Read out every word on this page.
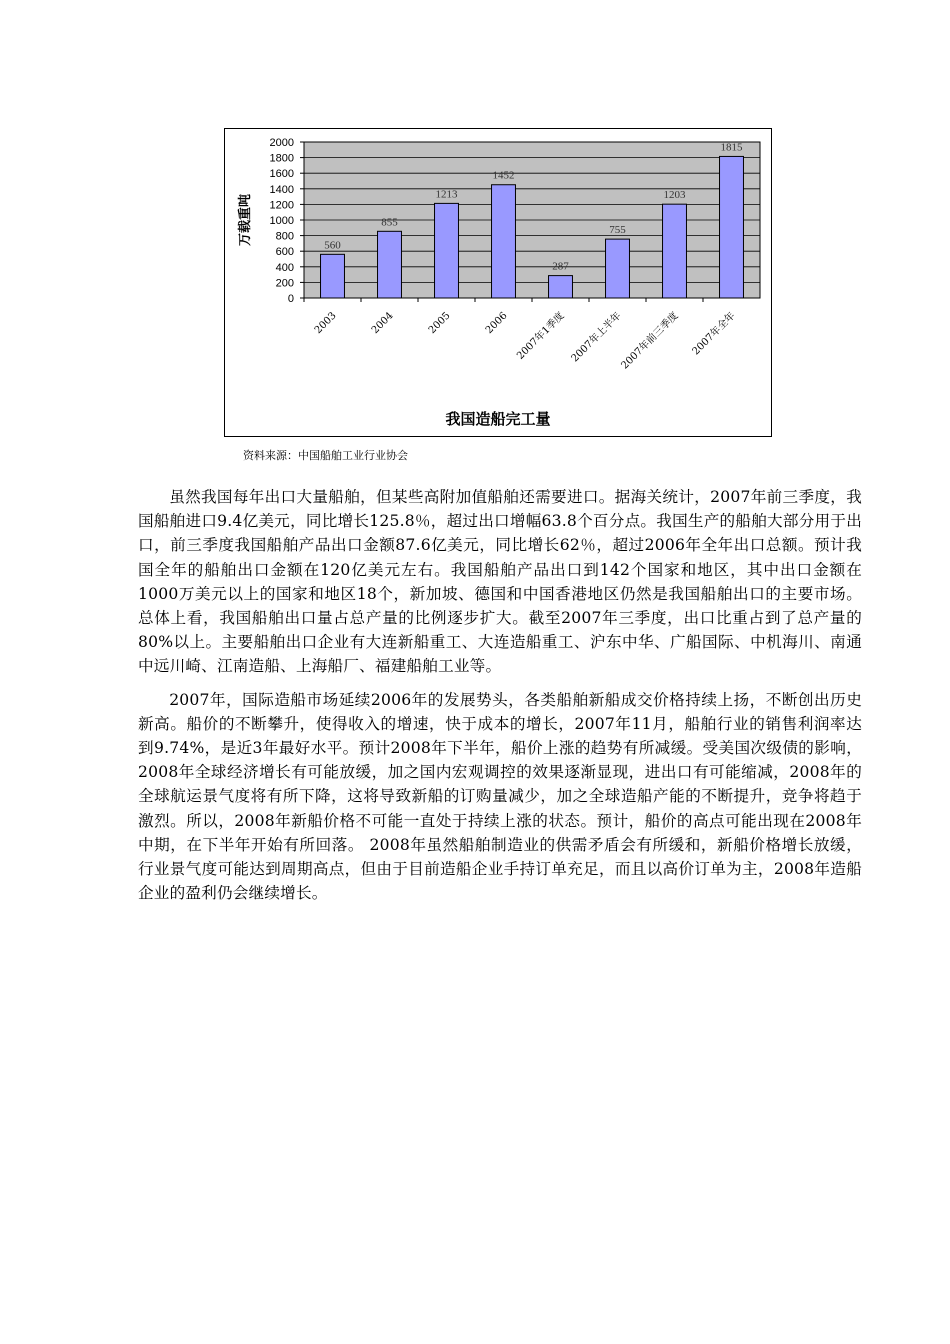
0
200
400
600
800
1000
1200
1400
1600
1800
2000
560
2003
855
2004
1213
2005
1452
2006
287
2007年1季度
755
2007年上半年
1203
2007年前三季度
1815
2007年全年
万载重吨
我国造船完工量
资料来源：中国船舶工业行业协会

虽然我国每年出口大量船舶，但某些高附加值船舶还需要进口。据海关统计，2007年前三季度，我国船舶进口9.4亿美元，同比增长125.8％，超过出口增幅63.8个百分点。我国生产的船舶大部分用于出口，前三季度我国船舶产品出口金额87.6亿美元，同比增长62％，超过2006年全年出口总额。预计我国全年的船舶出口金额在120亿美元左右。我国船舶产品出口到142个国家和地区，其中出口金额在1000万美元以上的国家和地区18个，新加坡、德国和中国香港地区仍然是我国船舶出口的主要市场。总体上看，我国船舶出口量占总产量的比例逐步扩大。截至2007年三季度，出口比重占到了总产量的80%以上。主要船舶出口企业有大连新船重工、大连造船重工、沪东中华、广船国际、中机海川、南通中远川崎、江南造船、上海船厂、福建船舶工业等。

2007年，国际造船市场延续2006年的发展势头，各类船舶新船成交价格持续上扬，不断创出历史新高。船价的不断攀升，使得收入的增速，快于成本的增长，2007年11月，船舶行业的销售利润率达到9.74%，是近3年最好水平。预计2008年下半年，船价上涨的趋势有所减缓。受美国次级债的影响，2008年全球经济增长有可能放缓，加之国内宏观调控的效果逐渐显现，进出口有可能缩减，2008年的全球航运景气度将有所下降，这将导致新船的订购量减少，加之全球造船产能的不断提升，竞争将趋于激烈。所以，2008年新船价格不可能一直处于持续上涨的状态。预计，船价的高点可能出现在2008年中期，在下半年开始有所回落。 2008年虽然船舶制造业的供需矛盾会有所缓和，新船价格增长放缓，行业景气度可能达到周期高点，但由于目前造船企业手持订单充足，而且以高价订单为主，2008年造船企业的盈利仍会继续增长。
